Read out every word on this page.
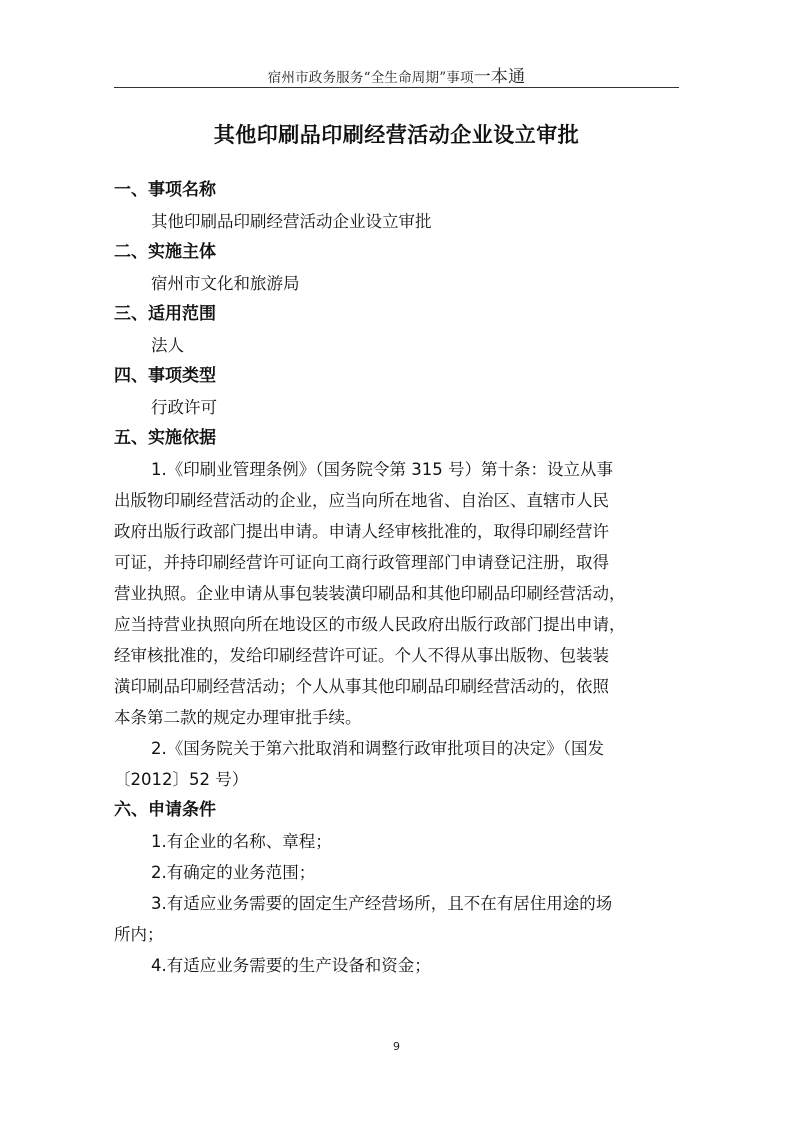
宿州市政务服务“全生命周期”事项一本通
其他印刷品印刷经营活动企业设立审批
一、事项名称
其他印刷品印刷经营活动企业设立审批
二、实施主体
宿州市文化和旅游局
三、适用范围
法人
四、事项类型
行政许可
五、实施依据
1.《印刷业管理条例》（国务院令第 315 号）第十条：设立从事
出版物印刷经营活动的企业，应当向所在地省、自治区、直辖市人民
政府出版行政部门提出申请。申请人经审核批准的，取得印刷经营许
可证，并持印刷经营许可证向工商行政管理部门申请登记注册，取得
营业执照。企业申请从事包装装潢印刷品和其他印刷品印刷经营活动，
应当持营业执照向所在地设区的市级人民政府出版行政部门提出申请，
经审核批准的，发给印刷经营许可证。个人不得从事出版物、包装装
潢印刷品印刷经营活动；个人从事其他印刷品印刷经营活动的，依照
本条第二款的规定办理审批手续。
2.《国务院关于第六批取消和调整行政审批项目的决定》（国发
〔2012〕52 号）
六、申请条件
1.有企业的名称、章程；
2.有确定的业务范围；
3.有适应业务需要的固定生产经营场所，且不在有居住用途的场
所内；
4.有适应业务需要的生产设备和资金；
9
